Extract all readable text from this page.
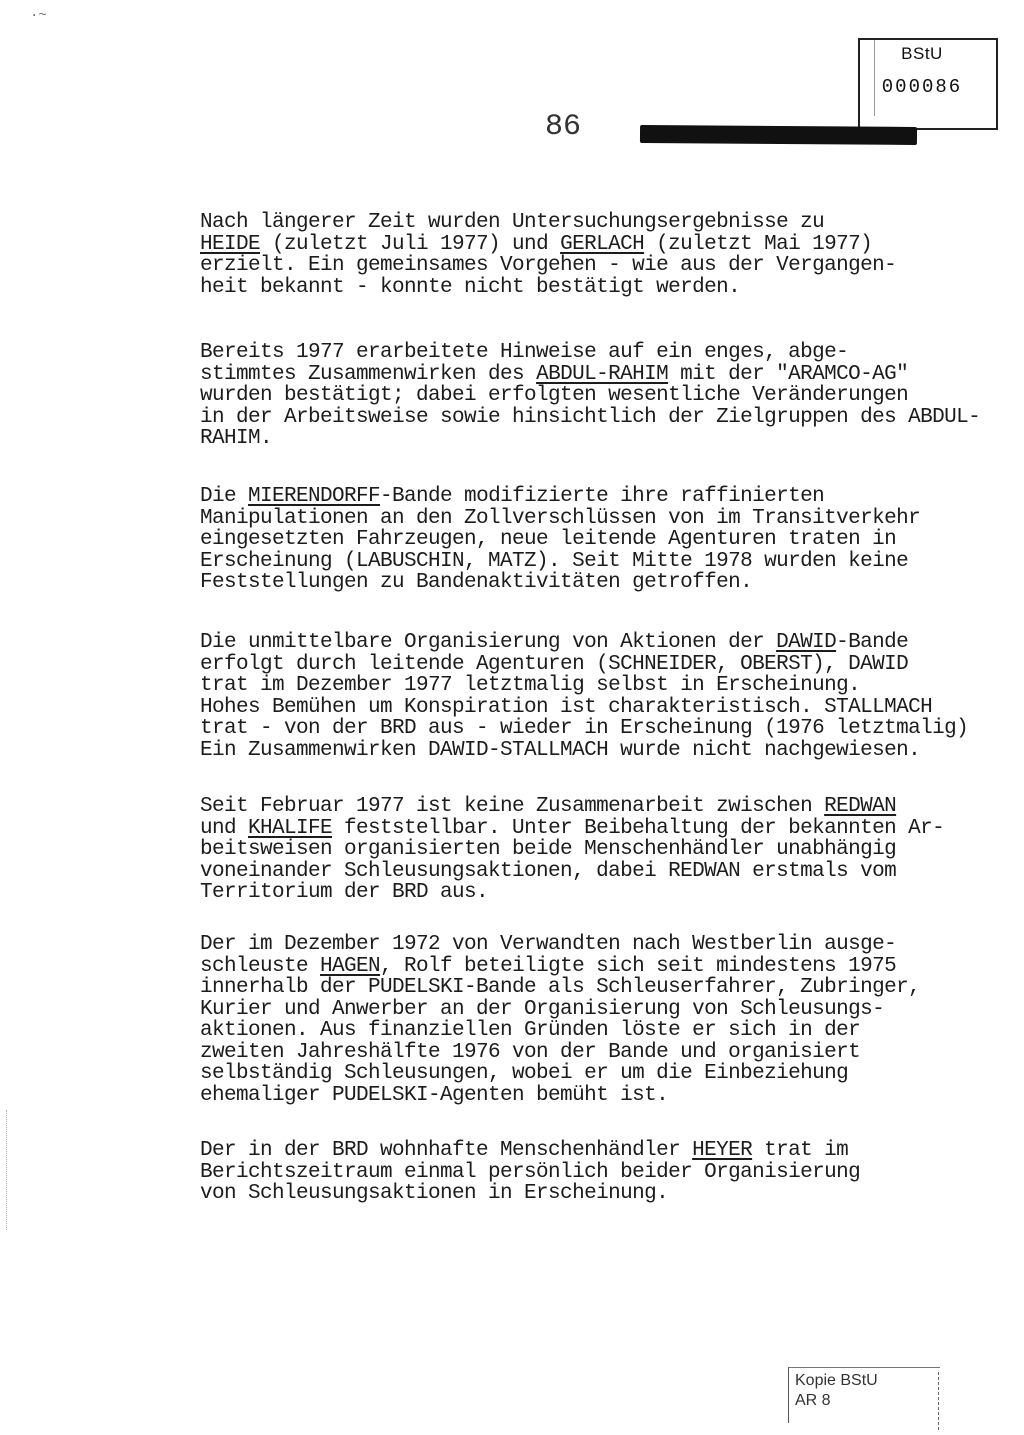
·~
BStU
000086
86
Nach längerer Zeit wurden Untersuchungsergebnisse zu
HEIDE (zuletzt Juli 1977) und GERLACH (zuletzt Mai 1977)
erzielt. Ein gemeinsames Vorgehen - wie aus der Vergangen-
heit bekannt - konnte nicht bestätigt werden.
Bereits 1977 erarbeitete Hinweise auf ein enges, abge-
stimmtes Zusammenwirken des ABDUL-RAHIM mit der "ARAMCO-AG"
wurden bestätigt; dabei erfolgten wesentliche Veränderungen
in der Arbeitsweise sowie hinsichtlich der Zielgruppen des ABDUL-
RAHIM.
Die MIERENDORFF-Bande modifizierte ihre raffinierten
Manipulationen an den Zollverschlüssen von im Transitverkehr
eingesetzten Fahrzeugen, neue leitende Agenturen traten in
Erscheinung (LABUSCHIN, MATZ). Seit Mitte 1978 wurden keine
Feststellungen zu Bandenaktivitäten getroffen.
Die unmittelbare Organisierung von Aktionen der DAWID-Bande
erfolgt durch leitende Agenturen (SCHNEIDER, OBERST), DAWID
trat im Dezember 1977 letztmalig selbst in Erscheinung.
Hohes Bemühen um Konspiration ist charakteristisch. STALLMACH
trat - von der BRD aus - wieder in Erscheinung (1976 letztmalig)
Ein Zusammenwirken DAWID-STALLMACH wurde nicht nachgewiesen.
Seit Februar 1977 ist keine Zusammenarbeit zwischen REDWAN
und KHALIFE feststellbar. Unter Beibehaltung der bekannten Ar-
beitsweisen organisierten beide Menschenhändler unabhängig
voneinander Schleusungsaktionen, dabei REDWAN erstmals vom
Territorium der BRD aus.
Der im Dezember 1972 von Verwandten nach Westberlin ausge-
schleuste HAGEN, Rolf beteiligte sich seit mindestens 1975
innerhalb der PUDELSKI-Bande als Schleuserfahrer, Zubringer,
Kurier und Anwerber an der Organisierung von Schleusungs-
aktionen. Aus finanziellen Gründen löste er sich in der
zweiten Jahreshälfte 1976 von der Bande und organisiert
selbständig Schleusungen, wobei er um die Einbeziehung
ehemaliger PUDELSKI-Agenten bemüht ist.
Der in der BRD wohnhafte Menschenhändler HEYER trat im
Berichtszeitraum einmal persönlich beider Organisierung
von Schleusungsaktionen in Erscheinung.
Kopie BStU
AR 8
